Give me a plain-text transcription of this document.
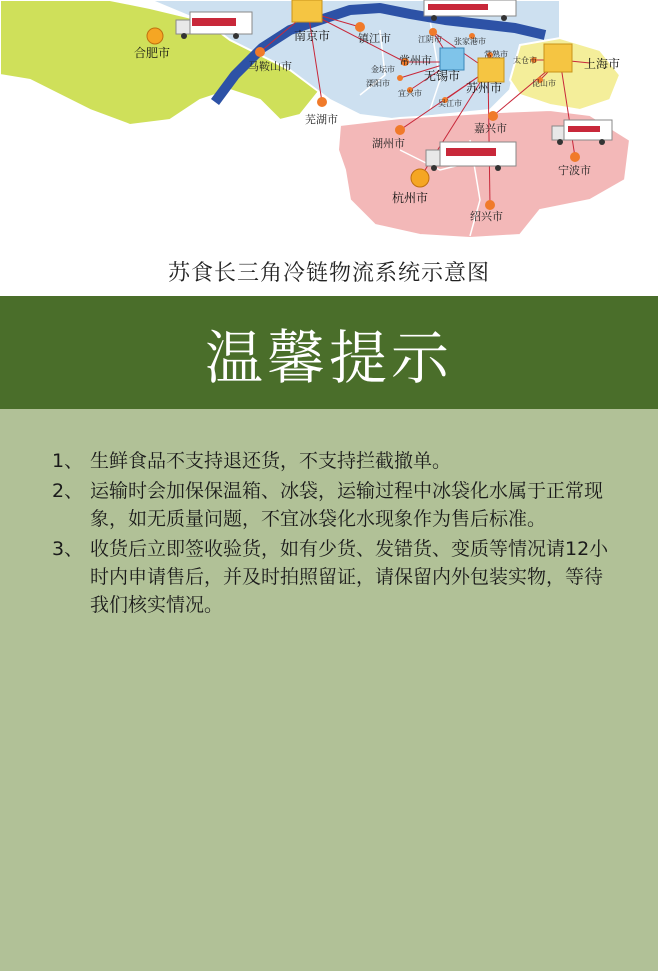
合肥市
南京市	镇江市
马鞍山市
芜湖市
江阴市 张家港市
常熟市
太仓市
金坛市
常州市
无锡市
溧阳市
宜兴市	苏州市	昆山市
上海市
吴江市
湖州市
嘉兴市
宁波市
杭州市
绍兴市
苏食长三角冷链物流系统示意图
温馨提示
1、 生鲜食品不支持退还货，不支持拦截撤单。
2、 运输时会加保保温箱、冰袋，运输过程中冰袋化水属于正常现象，如无质量问题，不宜冰袋化水现象作为售后标准。
3、 收货后立即签收验货，如有少货、发错货、变质等情况请12小时内申请售后，并及时拍照留证，请保留内外包装实物，等待我们核实情况。
